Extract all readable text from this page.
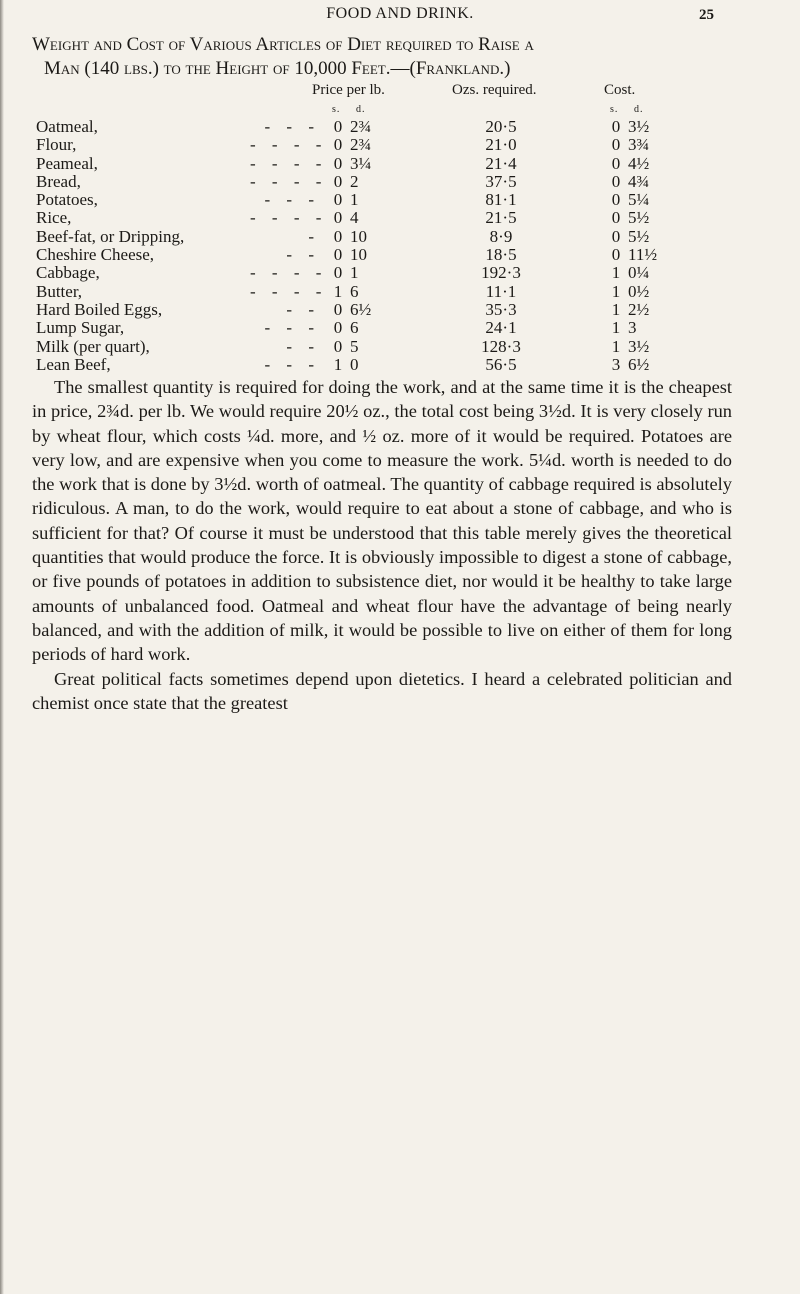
FOOD AND DRINK.	25
Weight and Cost of Various Articles of Diet required to Raise a
Man (140 lbs.) to the Height of 10,000 Feet.—(Frankland.)
Price per lb.	Ozs. required.	Cost.
s. d.	s. d.
Oatmeal,	- - - 0 2¾	20·5	0 3½
Flour,	- - - - 0 2¾	21·0	0 3¾
Peameal,	- - - - 0 3¼	21·4	0 4½
Bread,	- - - - 0 2	37·5	0 4¾
Potatoes,	- - - 0 1	81·1	0 5¼
Rice,	- - - - 0 4	21·5	0 5½
Beef-fat, or Dripping,	- 0 10	8·9	0 5½
Cheshire Cheese,	- - 0 10	18·5	0 11½
Cabbage,	- - - - 0 1	192·3	1 0¼
Butter,	- - - - 1 6	11·1	1 0½
Hard Boiled Eggs,	- - 0 6½	35·3	1 2½
Lump Sugar,	- - - 0 6	24·1	1 3
Milk (per quart),	- - 0 5	128·3	1 3½
Lean Beef,	- - - 1 0	56·5	3 6½

The smallest quantity is required for doing the work, and at the same time it is the cheapest in price, 2¾d. per lb. We would require 20½ oz., the total cost being 3½d. It is very closely run by wheat flour, which costs ¼d. more, and ½ oz. more of it would be required. Potatoes are very low, and are expensive when you come to measure the work. 5¼d. worth is needed to do the work that is done by 3½d. worth of oatmeal. The quantity of cabbage required is absolutely ridiculous. A man, to do the work, would require to eat about a stone of cabbage, and who is sufficient for that? Of course it must be understood that this table merely gives the theoretical quantities that would produce the force. It is obviously impossible to digest a stone of cabbage, or five pounds of potatoes in addition to subsistence diet, nor would it be healthy to take large amounts of unbalanced food. Oatmeal and wheat flour have the advantage of being nearly balanced, and with the addition of milk, it would be possible to live on either of them for long periods of hard work.

Great political facts sometimes depend upon dietetics. I heard a celebrated politician and chemist once state that the greatest
